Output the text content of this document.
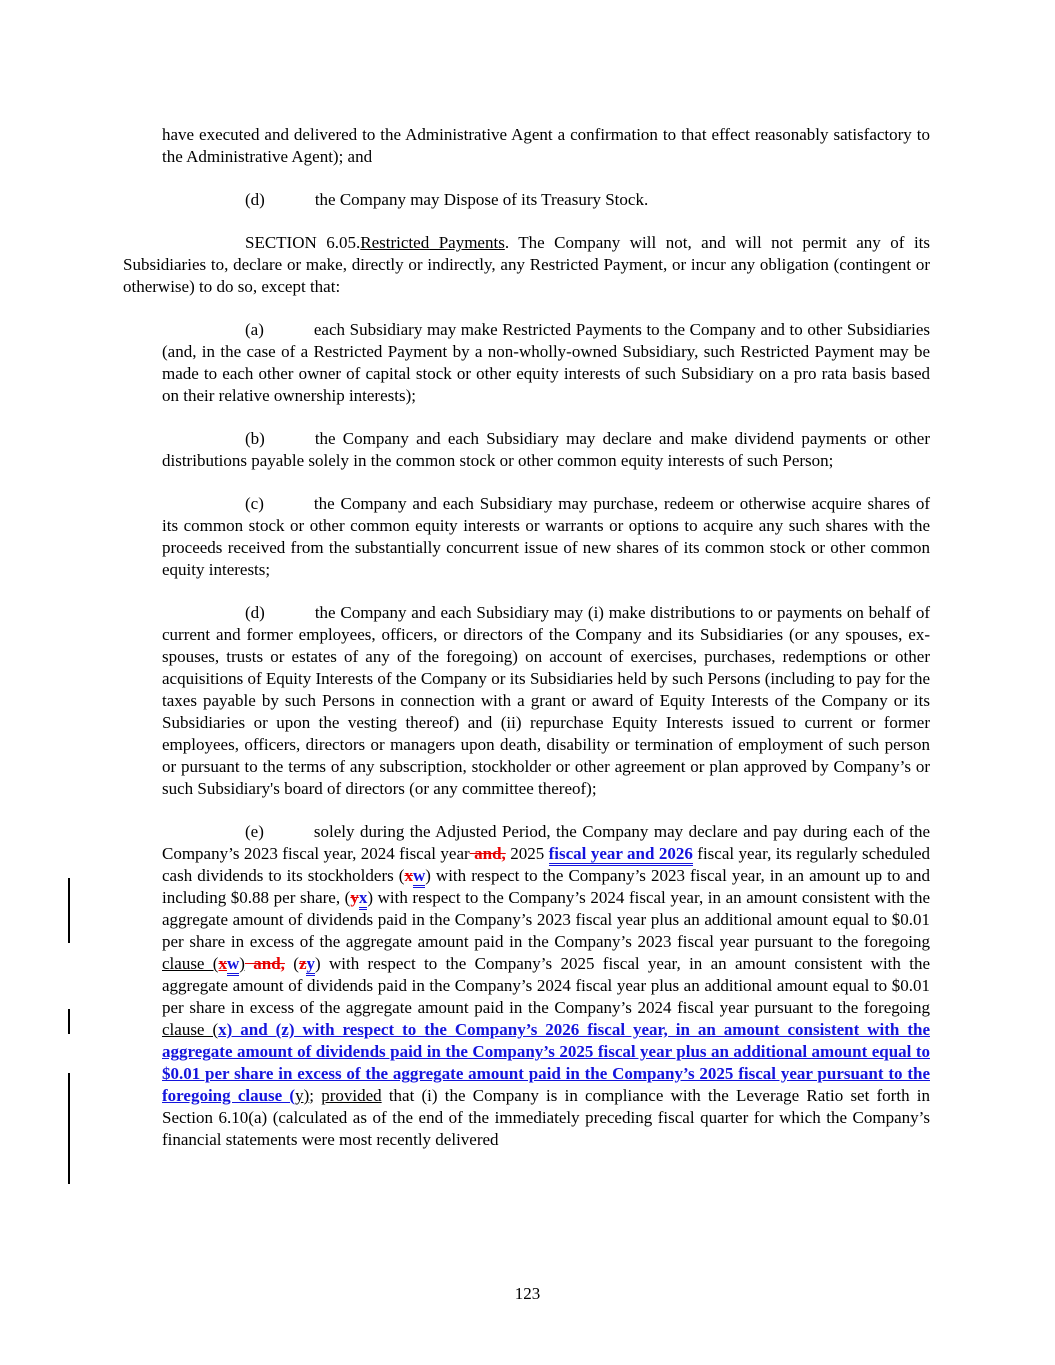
have executed and delivered to the Administrative Agent a confirmation to that effect reasonably satisfactory to the Administrative Agent); and

(d)	the Company may Dispose of its Treasury Stock.

SECTION 6.05.Restricted Payments. The Company will not, and will not permit any of its Subsidiaries to, declare or make, directly or indirectly, any Restricted Payment, or incur any obligation (contingent or otherwise) to do so, except that:

(a)	each Subsidiary may make Restricted Payments to the Company and to other Subsidiaries (and, in the case of a Restricted Payment by a non-wholly-owned Subsidiary, such Restricted Payment may be made to each other owner of capital stock or other equity interests of such Subsidiary on a pro rata basis based on their relative ownership interests);

(b)	the Company and each Subsidiary may declare and make dividend payments or other distributions payable solely in the common stock or other common equity interests of such Person;

(c)	the Company and each Subsidiary may purchase, redeem or otherwise acquire shares of its common stock or other common equity interests or warrants or options to acquire any such shares with the proceeds received from the substantially concurrent issue of new shares of its common stock or other common equity interests;

(d)	the Company and each Subsidiary may (i) make distributions to or payments on behalf of current and former employees, officers, or directors of the Company and its Subsidiaries (or any spouses, ex-spouses, trusts or estates of any of the foregoing) on account of exercises, purchases, redemptions or other acquisitions of Equity Interests of the Company or its Subsidiaries held by such Persons (including to pay for the taxes payable by such Persons in connection with a grant or award of Equity Interests of the Company or its Subsidiaries or upon the vesting thereof) and (ii) repurchase Equity Interests issued to current or former employees, officers, directors or managers upon death, disability or termination of employment of such person or pursuant to the terms of any subscription, stockholder or other agreement or plan approved by Company’s or such Subsidiary's board of directors (or any committee thereof);

(e)	solely during the Adjusted Period, the Company may declare and pay during each of the Company’s 2023 fiscal year, 2024 fiscal year and, 2025 fiscal year and 2026 fiscal year, its regularly scheduled cash dividends to its stockholders (xw) with respect to the Company’s 2023 fiscal year, in an amount up to and including $0.88 per share, (yx) with respect to the Company’s 2024 fiscal year, in an amount consistent with the aggregate amount of dividends paid in the Company’s 2023 fiscal year plus an additional amount equal to $0.01 per share in excess of the aggregate amount paid in the Company’s 2023 fiscal year pursuant to the foregoing clause (xw) and, (zy) with respect to the Company’s 2025 fiscal year, in an amount consistent with the aggregate amount of dividends paid in the Company’s 2024 fiscal year plus an additional amount equal to $0.01 per share in excess of the aggregate amount paid in the Company’s 2024 fiscal year pursuant to the foregoing clause (x) and (z) with respect to the Company’s 2026 fiscal year, in an amount consistent with the aggregate amount of dividends paid in the Company’s 2025 fiscal year plus an additional amount equal to $0.01 per share in excess of the aggregate amount paid in the Company’s 2025 fiscal year pursuant to the foregoing clause (y); provided that (i) the Company is in compliance with the Leverage Ratio set forth in Section 6.10(a) (calculated as of the end of the immediately preceding fiscal quarter for which the Company’s financial statements were most recently delivered

123
